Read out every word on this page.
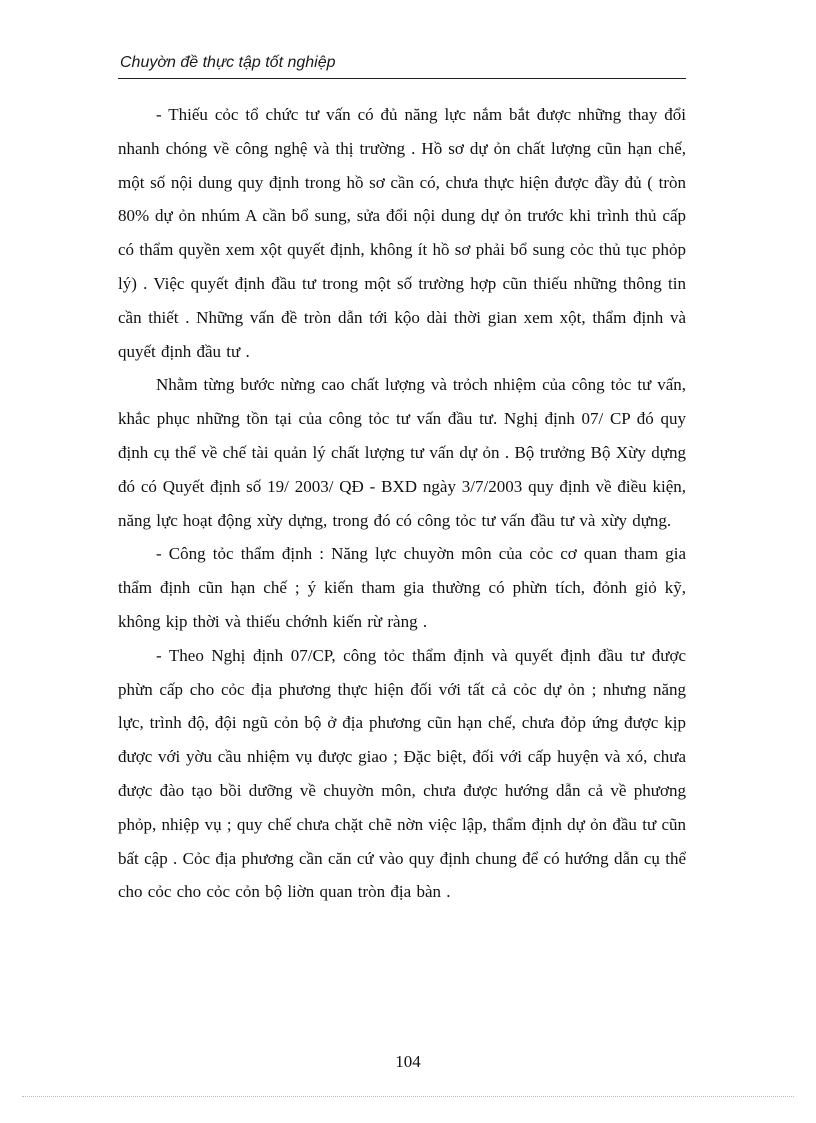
Chuyờn đề thực tập tốt nghiệp

- Thiếu cỏc tổ chức tư vấn có đủ năng lực nắm bắt được những thay đổi nhanh chóng về công nghệ và thị trường . Hồ sơ dự ỏn chất lượng cũn hạn chế, một số nội dung quy định trong hồ sơ cần có, chưa thực hiện được đầy đủ ( tròn 80% dự ỏn nhúm A cần bổ sung, sửa đổi nội dung dự ỏn trước khi trình thủ cấp có thẩm quyền xem xột quyết định, không ít hồ sơ phải bổ sung cỏc thủ tục phỏp lý) . Việc quyết định đầu tư trong một số trường hợp cũn thiếu những thông tin cần thiết . Những vấn đề tròn dẫn tới kộo dài thời gian xem xột, thẩm định và quyết định đầu tư .

Nhằm từng bước nừng cao chất lượng và trỏch nhiệm của công tỏc tư vấn, khắc phục những tồn tại của công tỏc tư vấn đầu tư. Nghị định 07/ CP đó quy định cụ thể về chế tài quản lý chất lượng tư vấn dự ỏn . Bộ trưởng Bộ Xừy dựng đó có Quyết định số 19/ 2003/ QĐ - BXD ngày 3/7/2003 quy định về điều kiện, năng lực hoạt động xừy dựng, trong đó có công tỏc tư vấn đầu tư và xừy dựng.

- Công tỏc thẩm định : Năng lực chuyờn môn của cỏc cơ quan tham gia thẩm định cũn hạn chế ; ý kiến tham gia thường có phừn tích, đỏnh giỏ kỹ, không kịp thời và thiếu chớnh kiến rừ ràng .

- Theo Nghị định 07/CP, công tỏc thẩm định và quyết định đầu tư được phừn cấp cho cỏc địa phương thực hiện đối với tất cả cỏc dự ỏn ; nhưng năng lực, trình độ, đội ngũ cỏn bộ ở địa phương cũn hạn chế, chưa đỏp ứng được kịp được với yờu cầu nhiệm vụ được giao ; Đặc biệt, đối với cấp huyện và xó, chưa được đào tạo bồi dưỡng về chuyờn môn, chưa được hướng dẫn cả về phương phỏp, nhiệp vụ ; quy chế chưa chặt chẽ nờn việc lập, thẩm định dự ỏn đầu tư cũn bất cập . Cỏc địa phương cần căn cứ vào quy định chung để có hướng dẫn cụ thể cho cỏc cho cỏc cỏn bộ liờn quan tròn địa bàn .

104
